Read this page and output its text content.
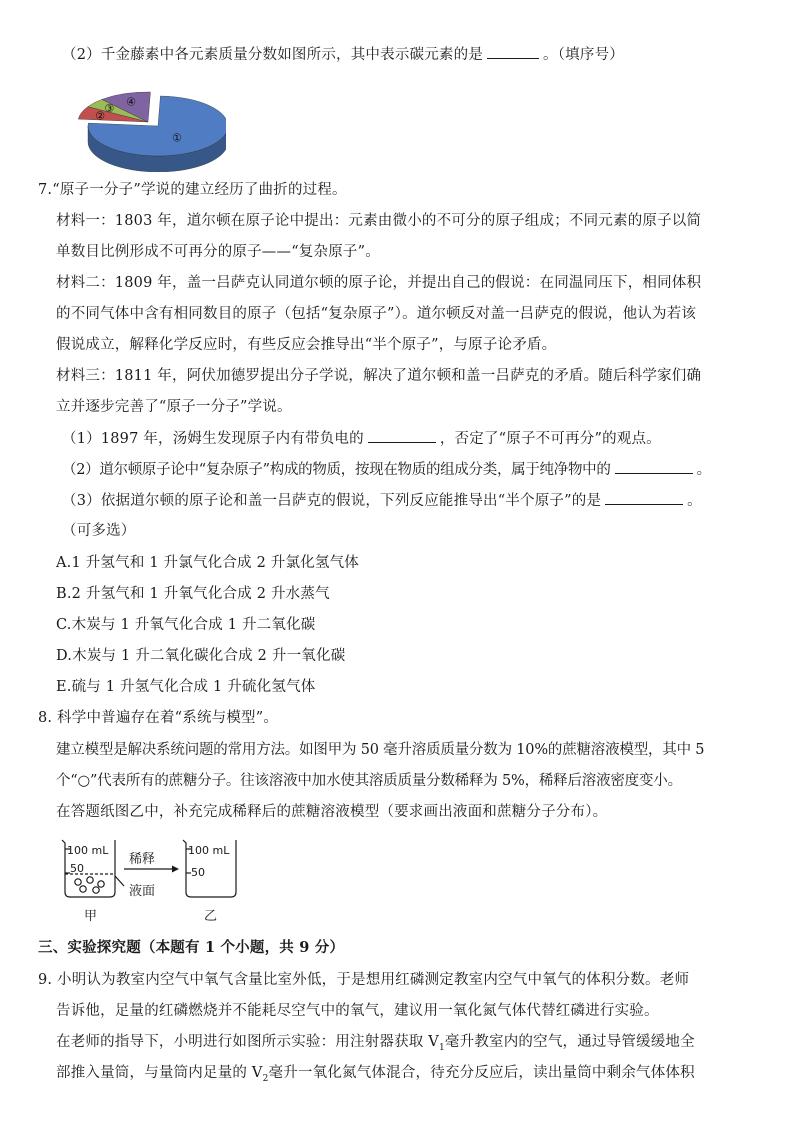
（2）千金藤素中各元素质量分数如图所示，其中表示碳元素的是	。（填序号）
①
②
③
④
7.“原子一分子”学说的建立经历了曲折的过程。
材料一：1803 年，道尔顿在原子论中提出：元素由微小的不可分的原子组成；不同元素的原子以简
单数目比例形成不可再分的原子——“复杂原子”。
材料二：1809 年，盖一吕萨克认同道尔顿的原子论，并提出自己的假说：在同温同压下，相同体积
的不同气体中含有相同数目的原子（包括“复杂原子”）。道尔顿反对盖一吕萨克的假说，他认为若该
假说成立，解释化学反应时，有些反应会推导出“半个原子”，与原子论矛盾。
材料三：1811 年，阿伏加德罗提出分子学说，解决了道尔顿和盖一吕萨克的矛盾。随后科学家们确
立并逐步完善了“原子一分子”学说。
（1）1897 年，汤姆生发现原子内有带负电的	，否定了“原子不可再分”的观点。
（2）道尔顿原子论中“复杂原子”构成的物质，按现在物质的组成分类，属于纯净物中的	。
（3）依据道尔顿的原子论和盖一吕萨克的假说，下列反应能推导出“半个原子”的是	。
（可多选）
A.1 升氢气和 1 升氯气化合成 2 升氯化氢气体
B.2 升氢气和 1 升氧气化合成 2 升水蒸气
C.木炭与 1 升氧气化合成 1 升二氧化碳
D.木炭与 1 升二氧化碳化合成 2 升一氧化碳
E.硫与 1 升氢气化合成 1 升硫化氢气体
8. 科学中普遍存在着“系统与模型”。
建立模型是解决系统问题的常用方法。如图甲为 50 毫升溶质质量分数为 10%的蔗糖溶液模型，其中 5
个“○”代表所有的蔗糖分子。往该溶液中加水使其溶质质量分数稀释为 5%，稀释后溶液密度变小。
在答题纸图乙中，补充完成稀释后的蔗糖溶液模型（要求画出液面和蔗糖分子分布）。
100 mL
50
稀释
液面
100 mL
50
甲	乙
三、实验探究题（本题有 1 个小题，共 9 分）
9. 小明认为教室内空气中氧气含量比室外低，于是想用红磷测定教室内空气中氧气的体积分数。老师
告诉他，足量的红磷燃烧并不能耗尽空气中的氧气，建议用一氧化氮气体代替红磷进行实验。
在老师的指导下，小明进行如图所示实验：用注射器获取 $V_1$毫升教室内的空气，通过导管缓缓地全
部推入量筒，与量筒内足量的 $V_2$毫升一氧化氮气体混合，待充分反应后，读出量筒中剩余气体体积
